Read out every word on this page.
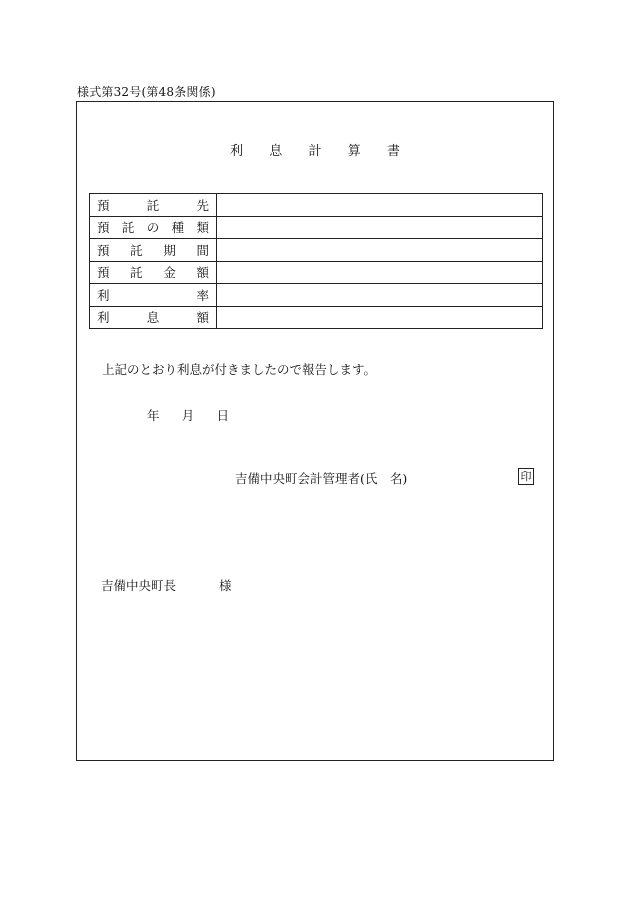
様式第32号(第48条関係)
利 息 計 算 書
預 託 先	

預 託 の 種 類	

預 託 期 間	

預 託 金 額	

利 率	

利 息 額	

上記のとおり利息が付きましたので報告します。
年 月 日
吉備中央町会計管理者(氏　名)	印
吉備中央町長	様
